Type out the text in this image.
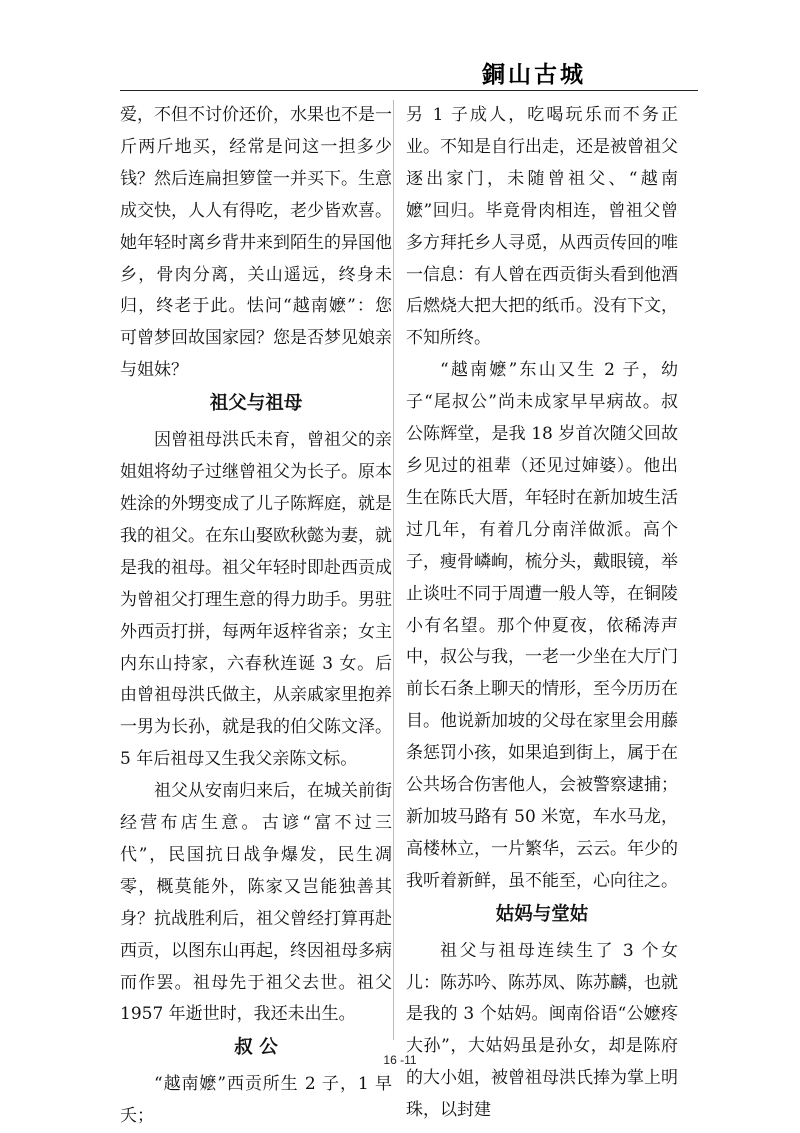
銅山古城

爱，不但不讨价还价，水果也不是一斤两斤地买，经常是问这一担多少钱？然后连扁担箩筐一并买下。生意成交快，人人有得吃，老少皆欢喜。她年轻时离乡背井来到陌生的异国他乡，骨肉分离，关山遥远，终身未归，终老于此。怯问“越南嬷”：您可曾梦回故国家园？您是否梦见娘亲与姐妹？

祖父与祖母

因曾祖母洪氏未育，曾祖父的亲姐姐将幼子过继曾祖父为长子。原本姓涂的外甥变成了儿子陈辉庭，就是我的祖父。在东山娶欧秋懿为妻，就是我的祖母。祖父年轻时即赴西贡成为曾祖父打理生意的得力助手。男驻外西贡打拼，每两年返梓省亲；女主内东山持家，六春秋连诞 3 女。后由曾祖母洪氏做主，从亲戚家里抱养一男为长孙，就是我的伯父陈文泽。5 年后祖母又生我父亲陈文标。

祖父从安南归来后，在城关前街经营布店生意。古谚“富不过三代”，民国抗日战争爆发，民生凋零，概莫能外，陈家又岂能独善其身？抗战胜利后，祖父曾经打算再赴西贡，以图东山再起，终因祖母多病而作罢。祖母先于祖父去世。祖父 1957 年逝世时，我还未出生。

叔 公

“越南嬷”西贡所生 2 子，1 早夭；

另 1 子成人，吃喝玩乐而不务正业。不知是自行出走，还是被曾祖父逐出家门，未随曾祖父、“越南嬷”回归。毕竟骨肉相连，曾祖父曾多方拜托乡人寻觅，从西贡传回的唯一信息：有人曾在西贡街头看到他酒后燃烧大把大把的纸币。没有下文，不知所终。

“越南嬷”东山又生 2 子，幼子“尾叔公”尚未成家早早病故。叔公陈辉堂，是我 18 岁首次随父回故乡见过的祖辈（还见过婶婆）。他出生在陈氏大厝，年轻时在新加坡生活过几年，有着几分南洋做派。高个子，瘦骨嶙峋，梳分头，戴眼镜，举止谈吐不同于周遭一般人等，在铜陵小有名望。那个仲夏夜，依稀涛声中，叔公与我，一老一少坐在大厅门前长石条上聊天的情形，至今历历在目。他说新加坡的父母在家里会用藤条惩罚小孩，如果追到街上，属于在公共场合伤害他人，会被警察逮捕；新加坡马路有 50 米宽，车水马龙，高楼林立，一片繁华，云云。年少的我听着新鲜，虽不能至，心向往之。

姑妈与堂姑

祖父与祖母连续生了 3 个女儿：陈苏吟、陈苏凤、陈苏麟，也就是我的 3 个姑妈。闽南俗语“公嬷疼大孙”，大姑妈虽是孙女，却是陈府的大小姐，被曾祖母洪氏捧为掌上明珠，以封建

16 -11
